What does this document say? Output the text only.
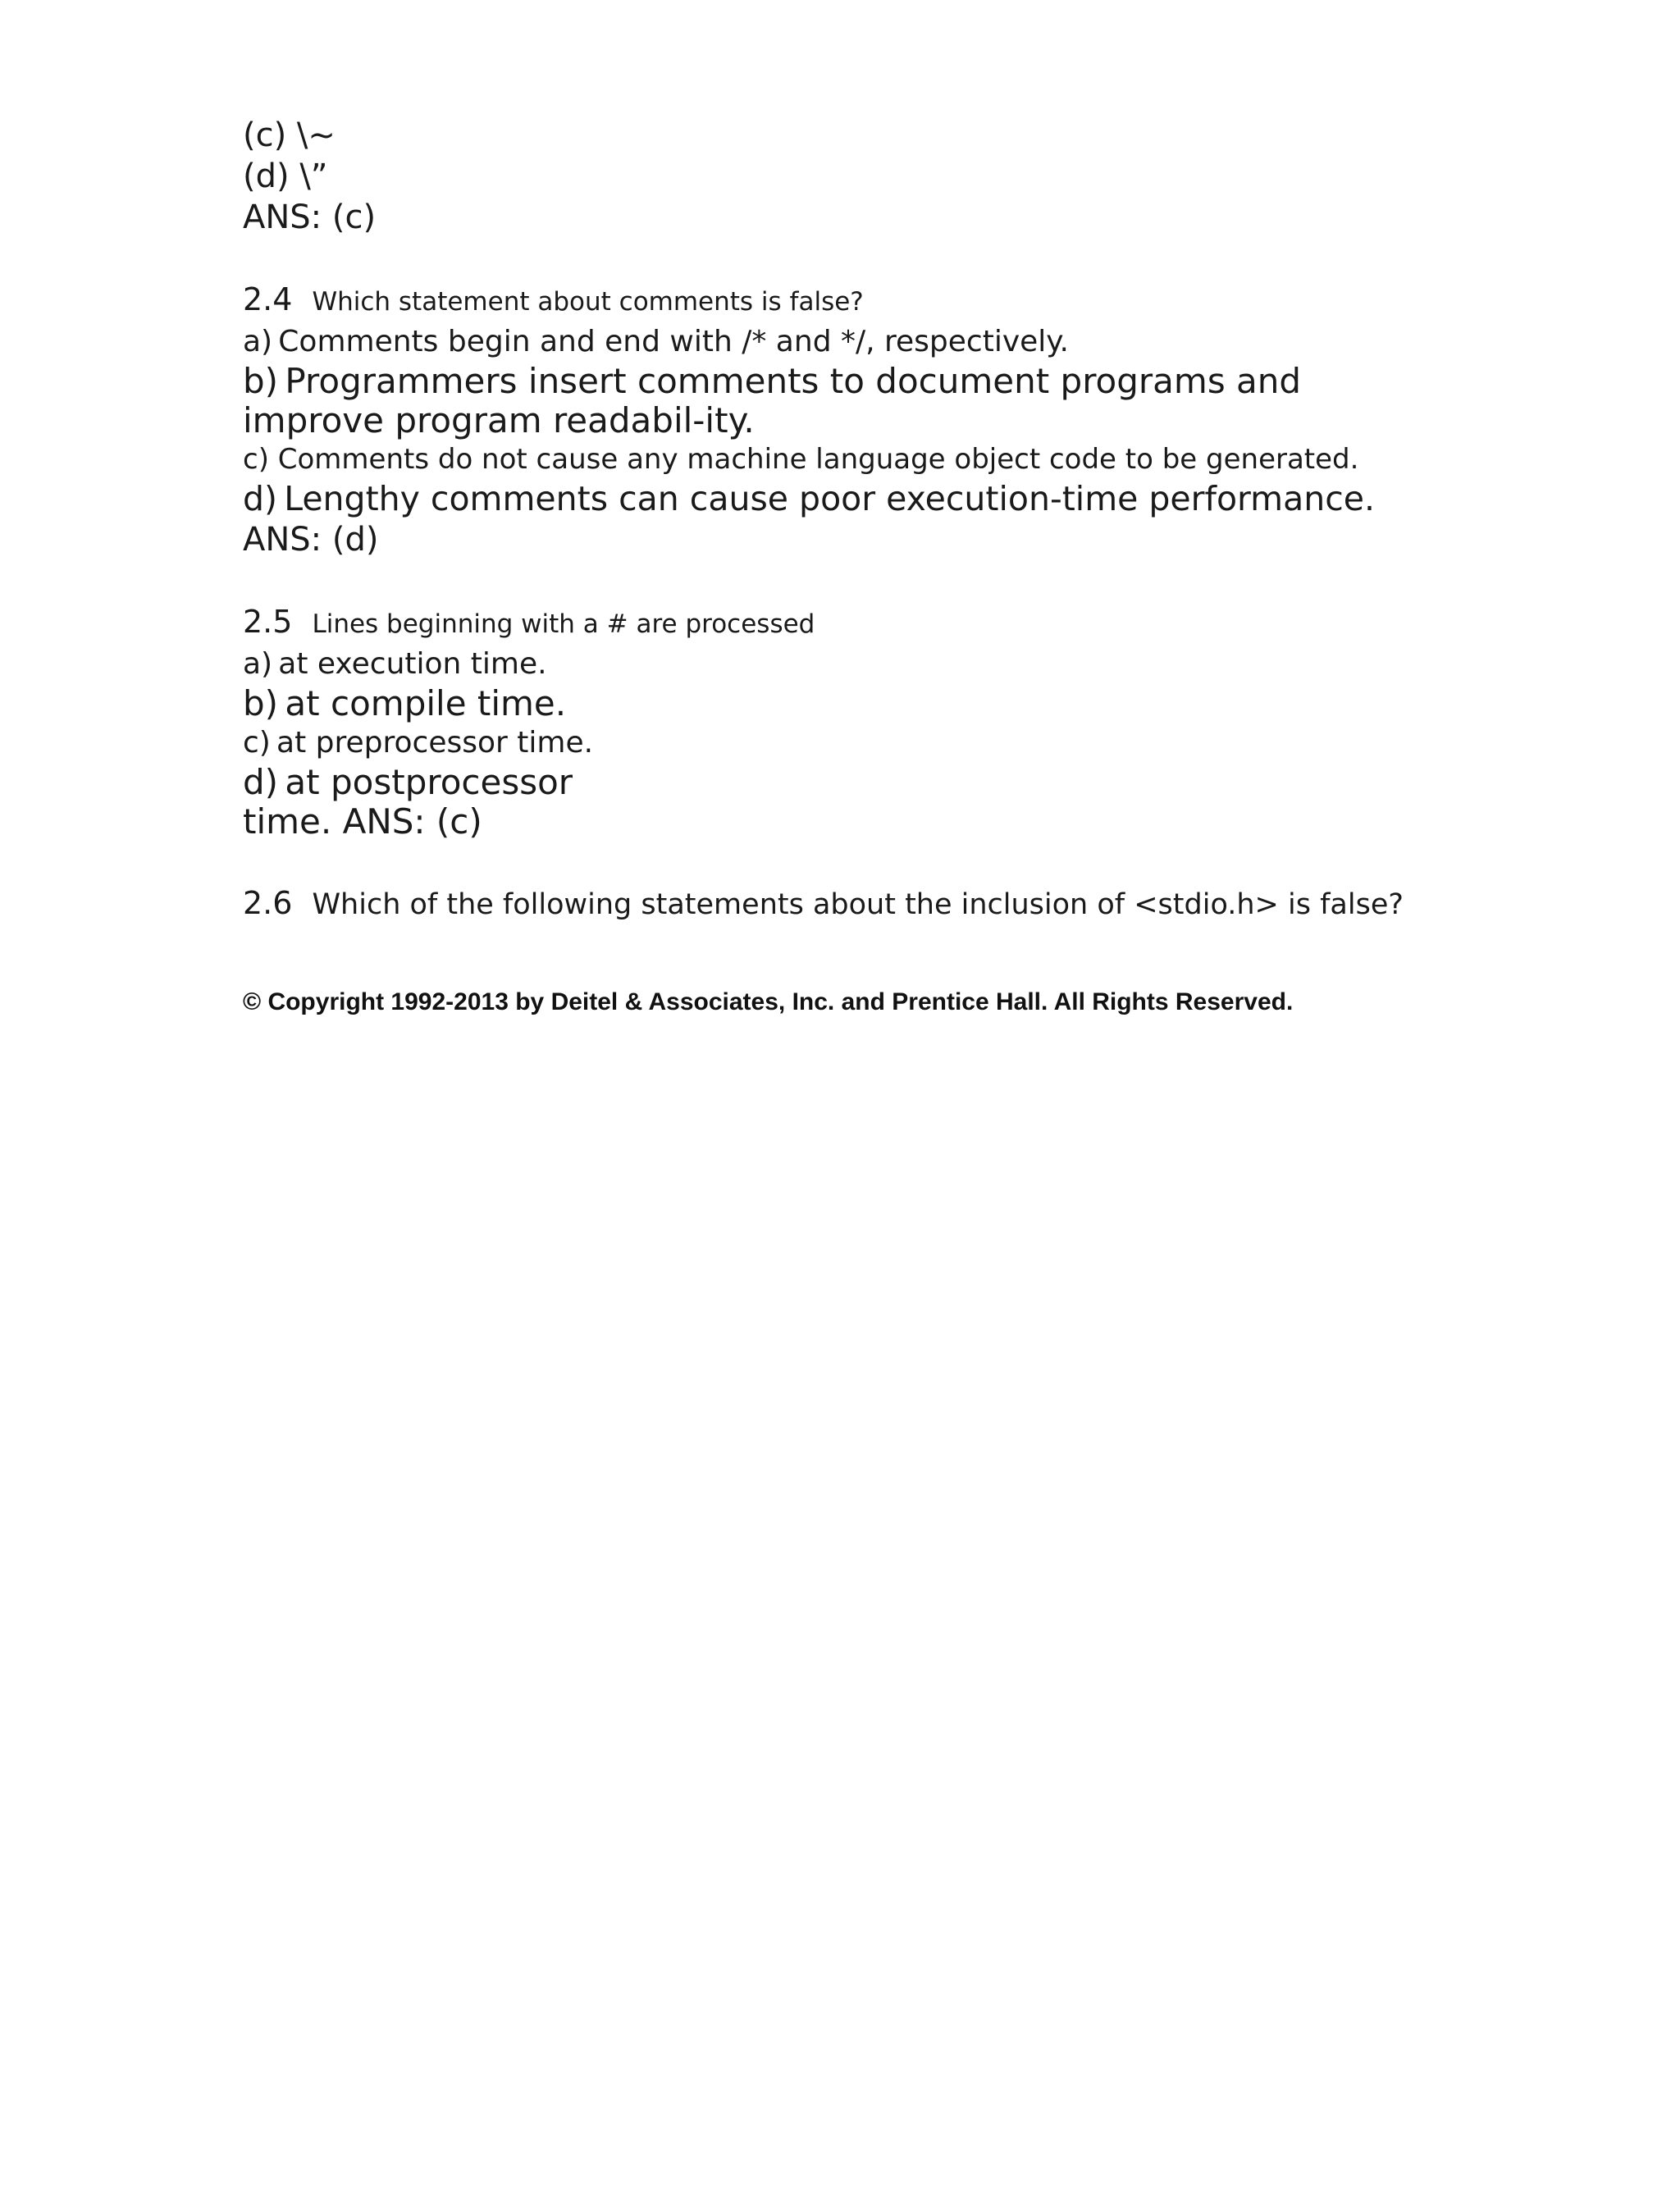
(c) \~

(d) \”

ANS: (c)

2.4 Which statement about comments is false?

a) Comments begin and end with /* and */, respectively.

b) Programmers insert comments to document programs and improve program readabil-ity.

c) Comments do not cause any machine language object code to be generated.

d) Lengthy comments can cause poor execution-time performance.

ANS: (d)

2.5 Lines beginning with a # are processed

a) at execution time.

b) at compile time.

c) at preprocessor time.

d) at postprocessor

time. ANS: (c)

2.6 Which of the following statements about the inclusion of <stdio.h> is false?

© Copyright 1992-2013 by Deitel & Associates, Inc. and Prentice Hall. All Rights Reserved.
